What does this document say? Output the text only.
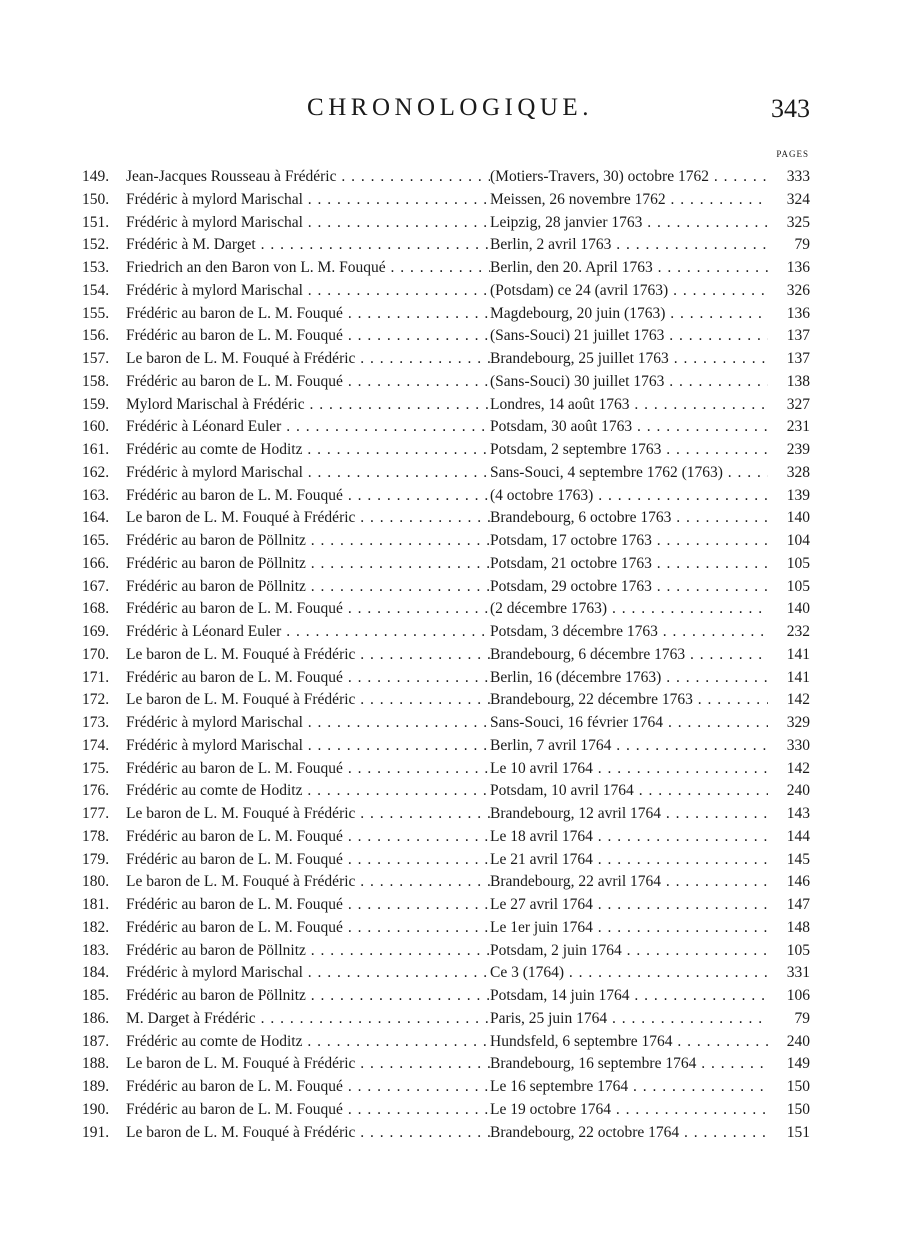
CHRONOLOGIQUE.	343
PAGES
149.	Jean-Jacques Rousseau à Frédéric . . .	(Motiers-Travers, 30) octobre 1762 . . .	333
150.	Frédéric à mylord Marischal . . .	Meissen, 26 novembre 1762 . . .	324
151.	Frédéric à mylord Marischal . . .	Leipzig, 28 janvier 1763 . . .	325
152.	Frédéric à M. Darget . . .	Berlin, 2 avril 1763 . . .	79
153.	Friedrich an den Baron von L. M. Fouqué . . .	Berlin, den 20. April 1763 . . .	136
154.	Frédéric à mylord Marischal . . .	(Potsdam) ce 24 (avril 1763) . . .	326
155.	Frédéric au baron de L. M. Fouqué . . .	Magdebourg, 20 juin (1763) . . .	136
156.	Frédéric au baron de L. M. Fouqué . . .	(Sans-Souci) 21 juillet 1763 . . .	137
157.	Le baron de L. M. Fouqué à Frédéric . . .	Brandebourg, 25 juillet 1763 . . .	137
158.	Frédéric au baron de L. M. Fouqué . . .	(Sans-Souci) 30 juillet 1763 . . .	138
159.	Mylord Marischal à Frédéric . . .	Londres, 14 août 1763 . . .	327
160.	Frédéric à Léonard Euler . . .	Potsdam, 30 août 1763 . . .	231
161.	Frédéric au comte de Hoditz . . .	Potsdam, 2 septembre 1763 . . .	239
162.	Frédéric à mylord Marischal . . .	Sans-Souci, 4 septembre 1762 (1763) . . .	328
163.	Frédéric au baron de L. M. Fouqué . . .	(4 octobre 1763) . . .	139
164.	Le baron de L. M. Fouqué à Frédéric . . .	Brandebourg, 6 octobre 1763 . . .	140
165.	Frédéric au baron de Pöllnitz . . .	Potsdam, 17 octobre 1763 . . .	104
166.	Frédéric au baron de Pöllnitz . . .	Potsdam, 21 octobre 1763 . . .	105
167.	Frédéric au baron de Pöllnitz . . .	Potsdam, 29 octobre 1763 . . .	105
168.	Frédéric au baron de L. M. Fouqué . . .	(2 décembre 1763) . . .	140
169.	Frédéric à Léonard Euler . . .	Potsdam, 3 décembre 1763 . . .	232
170.	Le baron de L. M. Fouqué à Frédéric . . .	Brandebourg, 6 décembre 1763 . . .	141
171.	Frédéric au baron de L. M. Fouqué . . .	Berlin, 16 (décembre 1763) . . .	141
172.	Le baron de L. M. Fouqué à Frédéric . . .	Brandebourg, 22 décembre 1763 . . .	142
173.	Frédéric à mylord Marischal . . .	Sans-Souci, 16 février 1764 . . .	329
174.	Frédéric à mylord Marischal . . .	Berlin, 7 avril 1764 . . .	330
175.	Frédéric au baron de L. M. Fouqué . . .	Le 10 avril 1764 . . .	142
176.	Frédéric au comte de Hoditz . . .	Potsdam, 10 avril 1764 . . .	240
177.	Le baron de L. M. Fouqué à Frédéric . . .	Brandebourg, 12 avril 1764 . . .	143
178.	Frédéric au baron de L. M. Fouqué . . .	Le 18 avril 1764 . . .	144
179.	Frédéric au baron de L. M. Fouqué . . .	Le 21 avril 1764 . . .	145
180.	Le baron de L. M. Fouqué à Frédéric . . .	Brandebourg, 22 avril 1764 . . .	146
181.	Frédéric au baron de L. M. Fouqué . . .	Le 27 avril 1764 . . .	147
182.	Frédéric au baron de L. M. Fouqué . . .	Le 1er juin 1764 . . .	148
183.	Frédéric au baron de Pöllnitz . . .	Potsdam, 2 juin 1764 . . .	105
184.	Frédéric à mylord Marischal . . .	Ce 3 (1764) . . .	331
185.	Frédéric au baron de Pöllnitz . . .	Potsdam, 14 juin 1764 . . .	106
186.	M. Darget à Frédéric . . .	Paris, 25 juin 1764 . . .	79
187.	Frédéric au comte de Hoditz . . .	Hundsfeld, 6 septembre 1764 . . .	240
188.	Le baron de L. M. Fouqué à Frédéric . . .	Brandebourg, 16 septembre 1764 . . .	149
189.	Frédéric au baron de L. M. Fouqué . . .	Le 16 septembre 1764 . . .	150
190.	Frédéric au baron de L. M. Fouqué . . .	Le 19 octobre 1764 . . .	150
191.	Le baron de L. M. Fouqué à Frédéric . . .	Brandebourg, 22 octobre 1764 . . .	151
